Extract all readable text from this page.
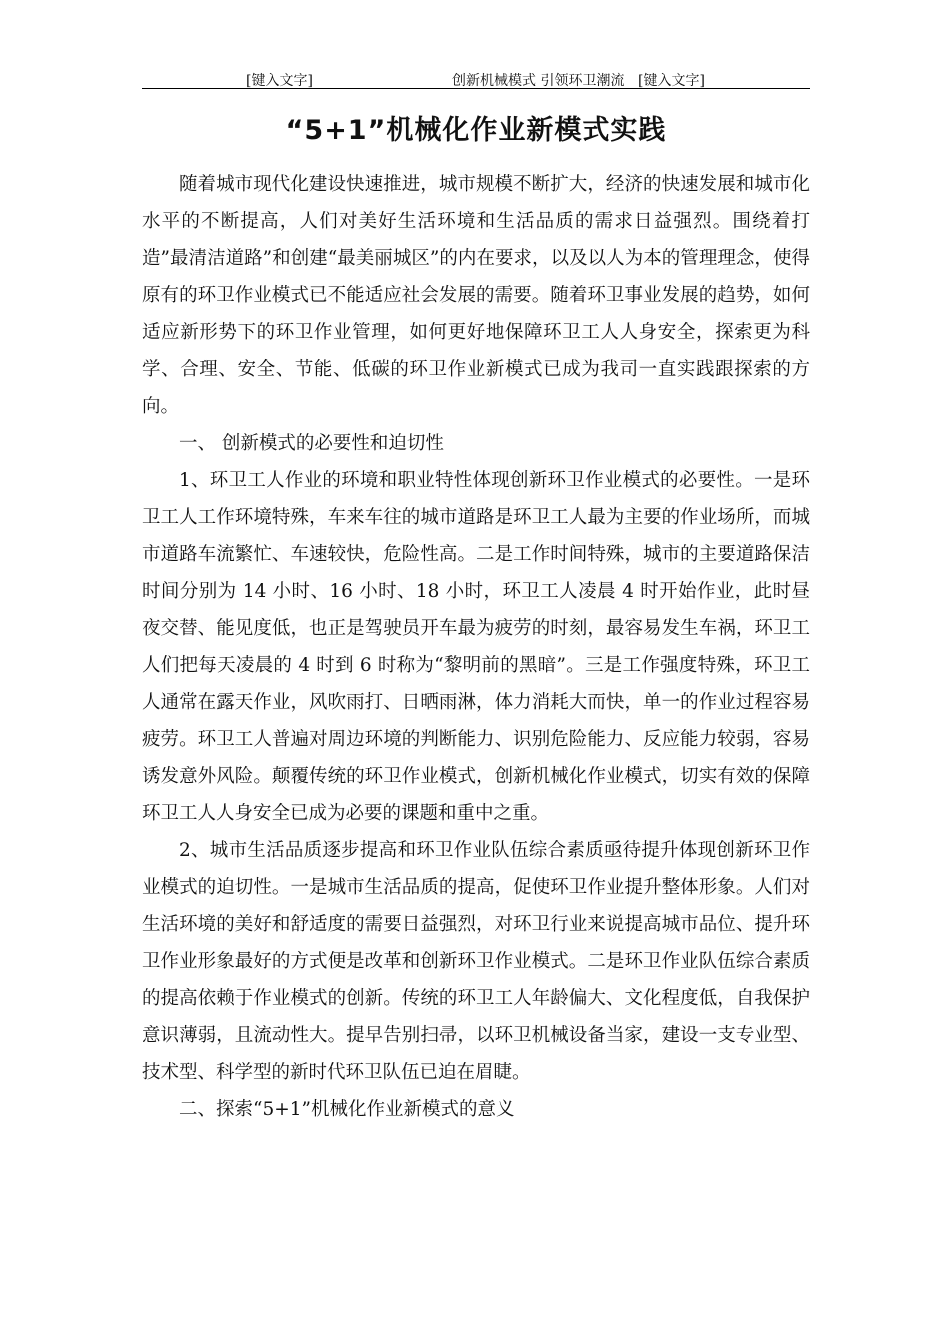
[键入文字]	创新机械模式 引领环卫潮流 [键入文字]
“5+1”机械化作业新模式实践

随着城市现代化建设快速推进，城市规模不断扩大，经济的快速发展和城市化水平的不断提高，人们对美好生活环境和生活品质的需求日益强烈。围绕着打造”最清洁道路”和创建“最美丽城区”的内在要求，以及以人为本的管理理念，使得原有的环卫作业模式已不能适应社会发展的需要。随着环卫事业发展的趋势，如何适应新形势下的环卫作业管理，如何更好地保障环卫工人人身安全，探索更为科学、合理、安全、节能、低碳的环卫作业新模式已成为我司一直实践跟探索的方向。

一、 创新模式的必要性和迫切性

1、环卫工人作业的环境和职业特性体现创新环卫作业模式的必要性。一是环卫工人工作环境特殊，车来车往的城市道路是环卫工人最为主要的作业场所，而城市道路车流繁忙、车速较快，危险性高。二是工作时间特殊，城市的主要道路保洁时间分别为 14 小时、16 小时、18 小时，环卫工人凌晨 4 时开始作业，此时昼夜交替、能见度低，也正是驾驶员开车最为疲劳的时刻，最容易发生车祸，环卫工人们把每天凌晨的 4 时到 6 时称为“黎明前的黑暗”。三是工作强度特殊，环卫工人通常在露天作业，风吹雨打、日晒雨淋，体力消耗大而快，单一的作业过程容易疲劳。环卫工人普遍对周边环境的判断能力、识别危险能力、反应能力较弱，容易诱发意外风险。颠覆传统的环卫作业模式，创新机械化作业模式，切实有效的保障环卫工人人身安全已成为必要的课题和重中之重。

2、城市生活品质逐步提高和环卫作业队伍综合素质亟待提升体现创新环卫作业模式的迫切性。一是城市生活品质的提高，促使环卫作业提升整体形象。人们对生活环境的美好和舒适度的需要日益强烈，对环卫行业来说提高城市品位、提升环卫作业形象最好的方式便是改革和创新环卫作业模式。二是环卫作业队伍综合素质的提高依赖于作业模式的创新。传统的环卫工人年龄偏大、文化程度低，自我保护意识薄弱，且流动性大。提早告别扫帚，以环卫机械设备当家，建设一支专业型、技术型、科学型的新时代环卫队伍已迫在眉睫。

二、探索“5+1”机械化作业新模式的意义
